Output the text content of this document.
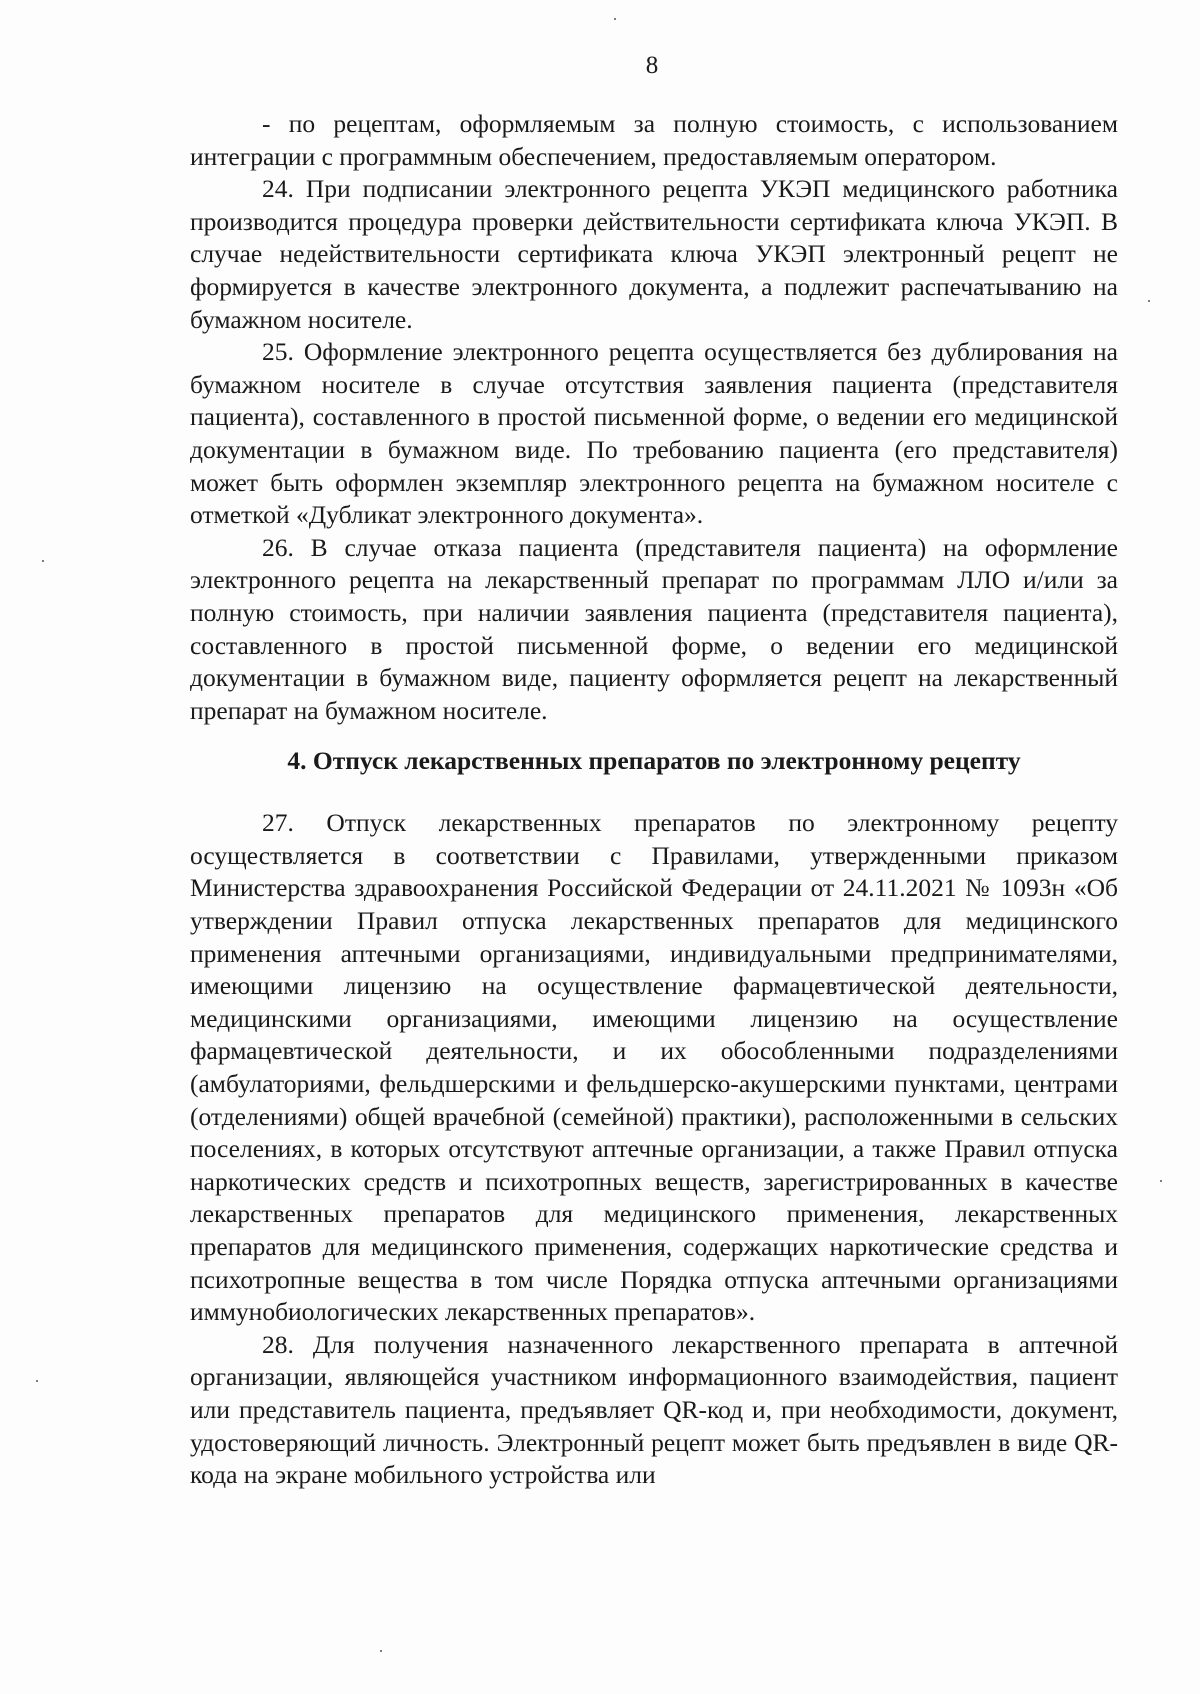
8

- по рецептам, оформляемым за полную стоимость, с использованием интеграции с программным обеспечением, предоставляемым оператором.

24. При подписании электронного рецепта УКЭП медицинского работника производится процедура проверки действительности сертификата ключа УКЭП. В случае недействительности сертификата ключа УКЭП электронный рецепт не формируется в качестве электронного документа, а подлежит распечатыванию на бумажном носителе.

25. Оформление электронного рецепта осуществляется без дублирования на бумажном носителе в случае отсутствия заявления пациента (представителя пациента), составленного в простой письменной форме, о ведении его медицинской документации в бумажном виде. По требованию пациента (его представителя) может быть оформлен экземпляр электронного рецепта на бумажном носителе с отметкой «Дубликат электронного документа».

26. В случае отказа пациента (представителя пациента) на оформление электронного рецепта на лекарственный препарат по программам ЛЛО и/или за полную стоимость, при наличии заявления пациента (представителя пациента), составленного в простой письменной форме, о ведении его медицинской документации в бумажном виде, пациенту оформляется рецепт на лекарственный препарат на бумажном носителе.

4. Отпуск лекарственных препаратов по электронному рецепту

27. Отпуск лекарственных препаратов по электронному рецепту осуществляется в соответствии с Правилами, утвержденными приказом Министерства здравоохранения Российской Федерации от 24.11.2021 № 1093н «Об утверждении Правил отпуска лекарственных препаратов для медицинского применения аптечными организациями, индивидуальными предпринимателями, имеющими лицензию на осуществление фармацевтической деятельности, медицинскими организациями, имеющими лицензию на осуществление фармацевтической деятельности, и их обособленными подразделениями (амбулаториями, фельдшерскими и фельдшерско-акушерскими пунктами, центрами (отделениями) общей врачебной (семейной) практики), расположенными в сельских поселениях, в которых отсутствуют аптечные организации, а также Правил отпуска наркотических средств и психотропных веществ, зарегистрированных в качестве лекарственных препаратов для медицинского применения, лекарственных препаратов для медицинского применения, содержащих наркотические средства и психотропные вещества в том числе Порядка отпуска аптечными организациями иммунобиологических лекарственных препаратов».

28. Для получения назначенного лекарственного препарата в аптечной организации, являющейся участником информационного взаимодействия, пациент или представитель пациента, предъявляет QR-код и, при необходимости, документ, удостоверяющий личность. Электронный рецепт может быть предъявлен в виде QR-кода на экране мобильного устройства или
